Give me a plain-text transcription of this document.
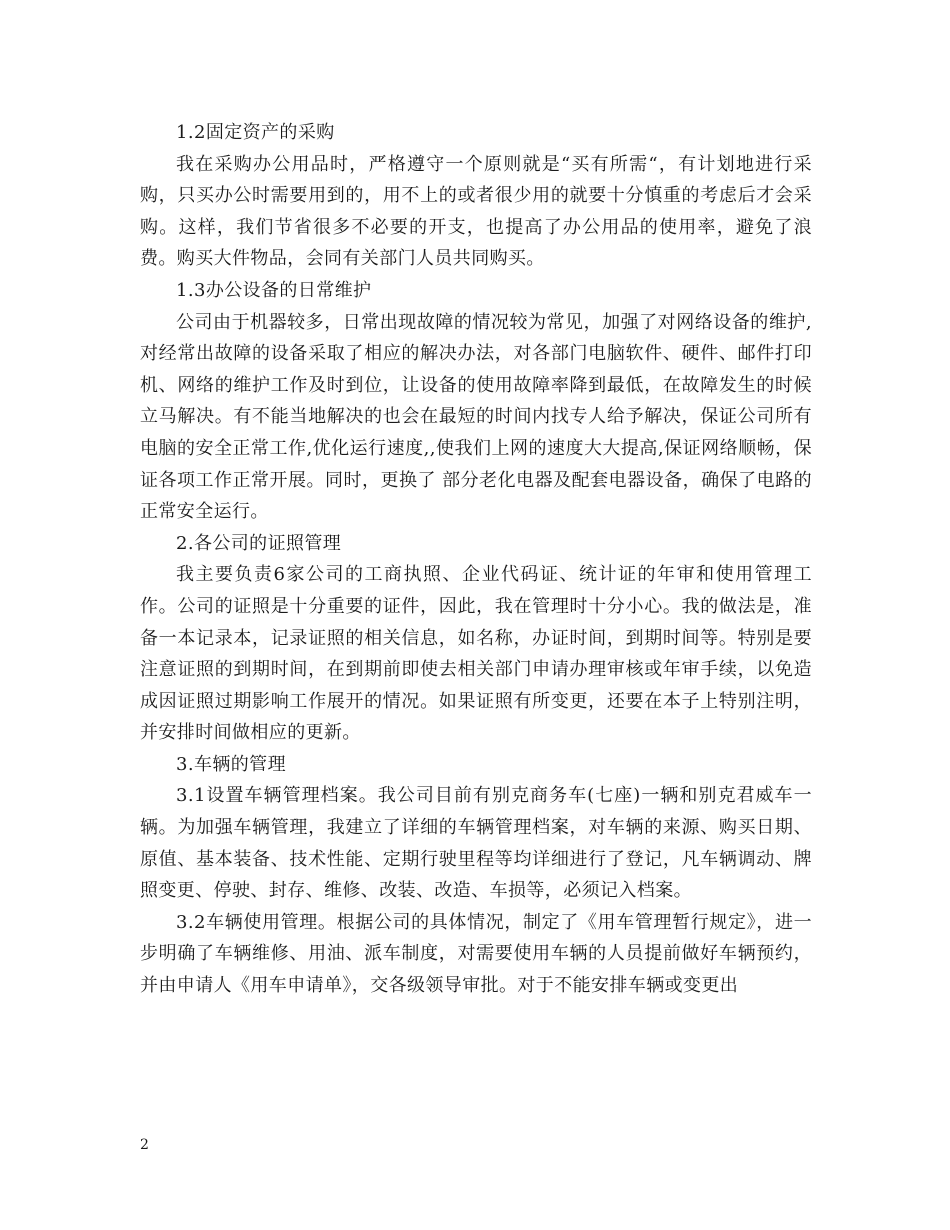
1.2固定资产的采购

我在采购办公用品时，严格遵守一个原则就是“买有所需“，有计划地进行采购，只买办公时需要用到的，用不上的或者很少用的就要十分慎重的考虑后才会采购。这样，我们节省很多不必要的开支，也提高了办公用品的使用率，避免了浪费。购买大件物品，会同有关部门人员共同购买。

1.3办公设备的日常维护

公司由于机器较多，日常出现故障的情况较为常见，加强了对网络设备的维护,对经常出故障的设备采取了相应的解决办法，对各部门电脑软件、硬件、邮件打印机、网络的维护工作及时到位，让设备的使用故障率降到最低，在故障发生的时候立马解决。有不能当地解决的也会在最短的时间内找专人给予解决，保证公司所有电脑的安全正常工作,优化运行速度,,使我们上网的速度大大提高,保证网络顺畅，保证各项工作正常开展。同时，更换了 部分老化电器及配套电器设备，确保了电路的正常安全运行。

2.各公司的证照管理

我主要负责6家公司的工商执照、企业代码证、统计证的年审和使用管理工作。公司的证照是十分重要的证件，因此，我在管理时十分小心。我的做法是，准备一本记录本，记录证照的相关信息，如名称，办证时间，到期时间等。特别是要注意证照的到期时间，在到期前即使去相关部门申请办理审核或年审手续，以免造成因证照过期影响工作展开的情况。如果证照有所变更，还要在本子上特别注明，并安排时间做相应的更新。

3.车辆的管理

3.1设置车辆管理档案。我公司目前有别克商务车(七座)一辆和别克君威车一辆。为加强车辆管理，我建立了详细的车辆管理档案，对车辆的来源、购买日期、原值、基本装备、技术性能、定期行驶里程等均详细进行了登记，凡车辆调动、牌照变更、停驶、封存、维修、改装、改造、车损等，必须记入档案。

3.2车辆使用管理。根据公司的具体情况，制定了《用车管理暂行规定》，进一步明确了车辆维修、用油、派车制度，对需要使用车辆的人员提前做好车辆预约，并由申请人《用车申请单》，交各级领导审批。对于不能安排车辆或变更出

2
